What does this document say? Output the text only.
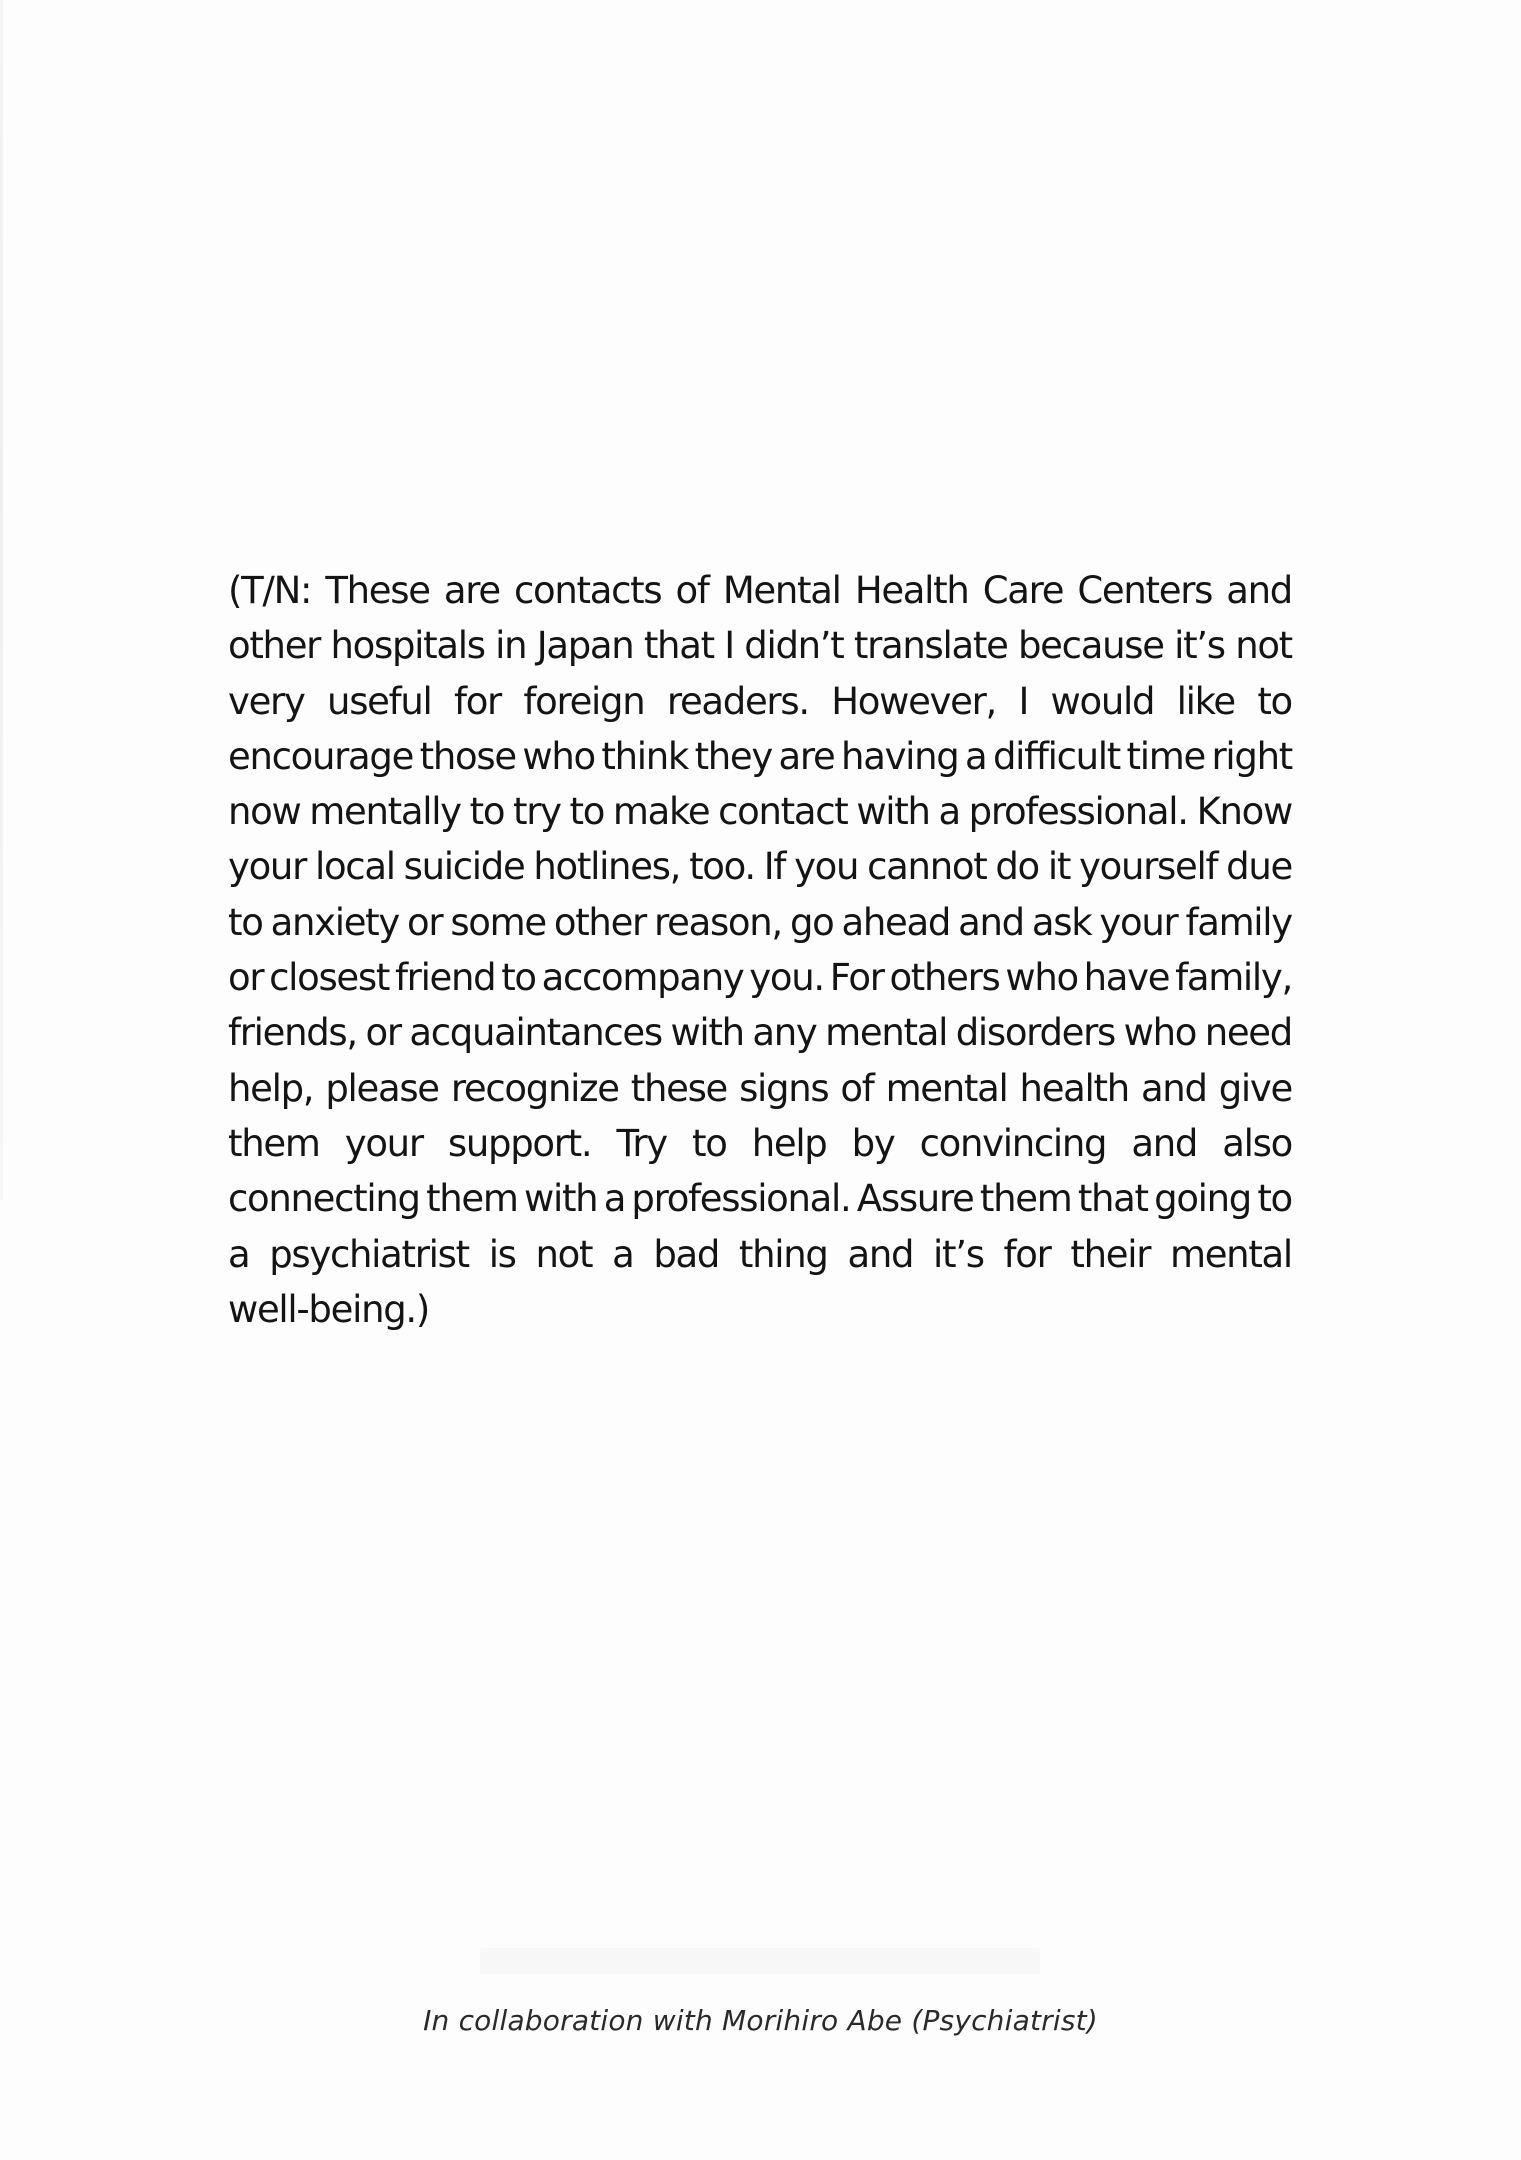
(T/N: These are contacts of Mental Health Care Centers and
other hospitals in Japan that I didn’t translate because it’s not
very useful for foreign readers. However, I would like to
encourage those who think they are having a difficult time right
now mentally to try to make contact with a professional. Know
your local suicide hotlines, too. If you cannot do it yourself due
to anxiety or some other reason, go ahead and ask your family
or closest friend to accompany you. For others who have family,
friends, or acquaintances with any mental disorders who need
help, please recognize these signs of mental health and give
them your support. Try to help by convincing and also
connecting them with a professional. Assure them that going to
a psychiatrist is not a bad thing and it’s for their mental
well-being.)
In collaboration with Morihiro Abe (Psychiatrist)
